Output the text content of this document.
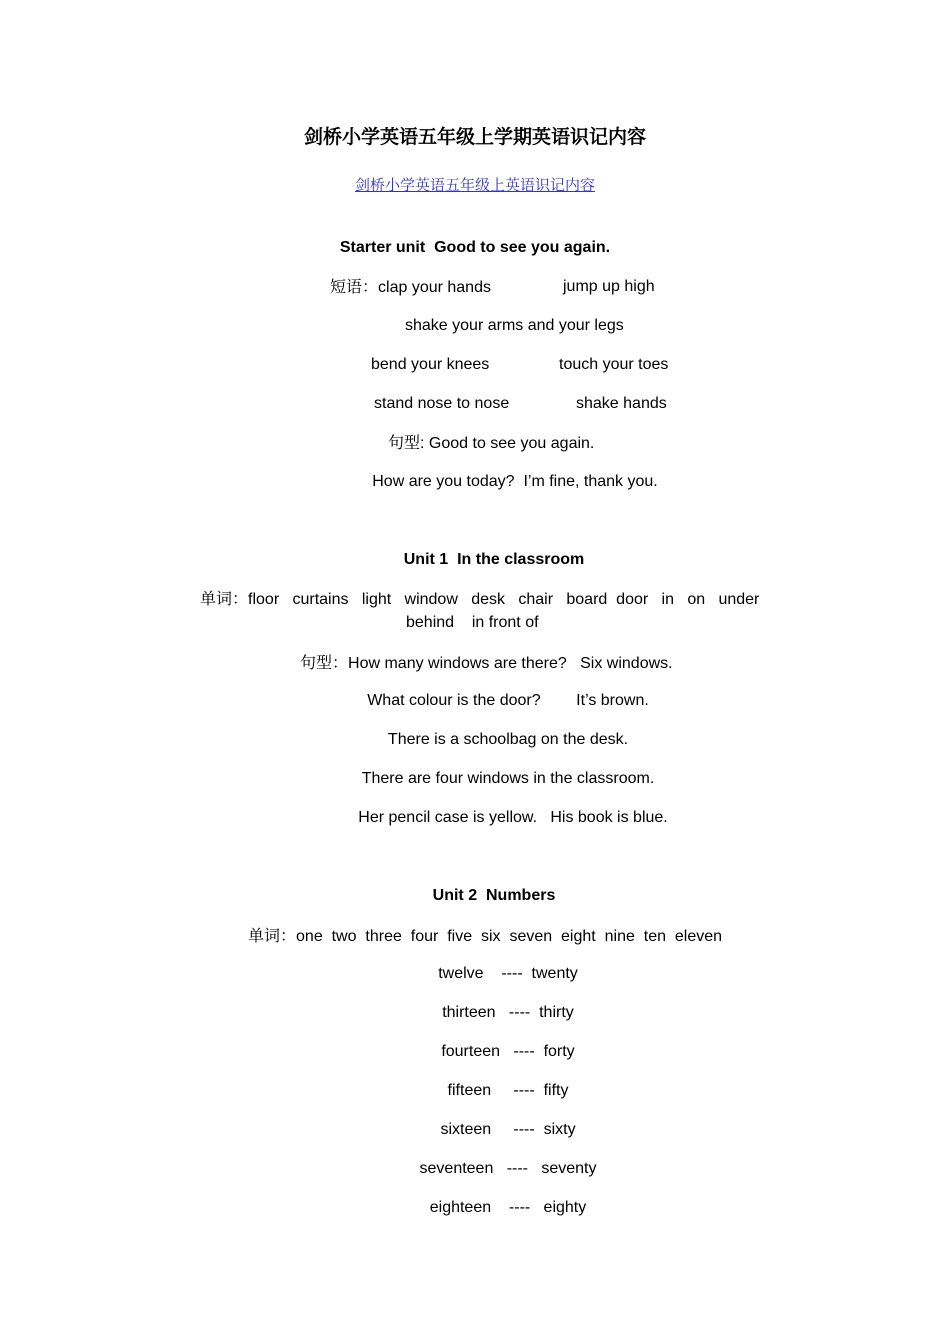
剑桥小学英语五年级上学期英语识记内容
剑桥小学英语五年级上英语识记内容
Starter unit  Good to see you again.
短语：clap your hands	jump up high
shake your arms and your legs
bend your knees	touch your toes
stand nose to nose	shake hands
句型: Good to see you again.
How are you today?  I’m fine, thank you.
Unit 1  In the classroom
单词：floor   curtains   light   window   desk   chair   board  door   in   on   under
behind    in front of
句型：How many windows are there?   Six windows.
What colour is the door?        It’s brown.
There is a schoolbag on the desk.
There are four windows in the classroom.
Her pencil case is yellow.   His book is blue.
Unit 2  Numbers
单词：one  two  three  four  five  six  seven  eight  nine  ten  eleven
twelve    ----  twenty
thirteen   ----  thirty
fourteen   ----  forty
fifteen     ----  fifty
sixteen     ----  sixty
seventeen   ----   seventy
eighteen    ----   eighty
